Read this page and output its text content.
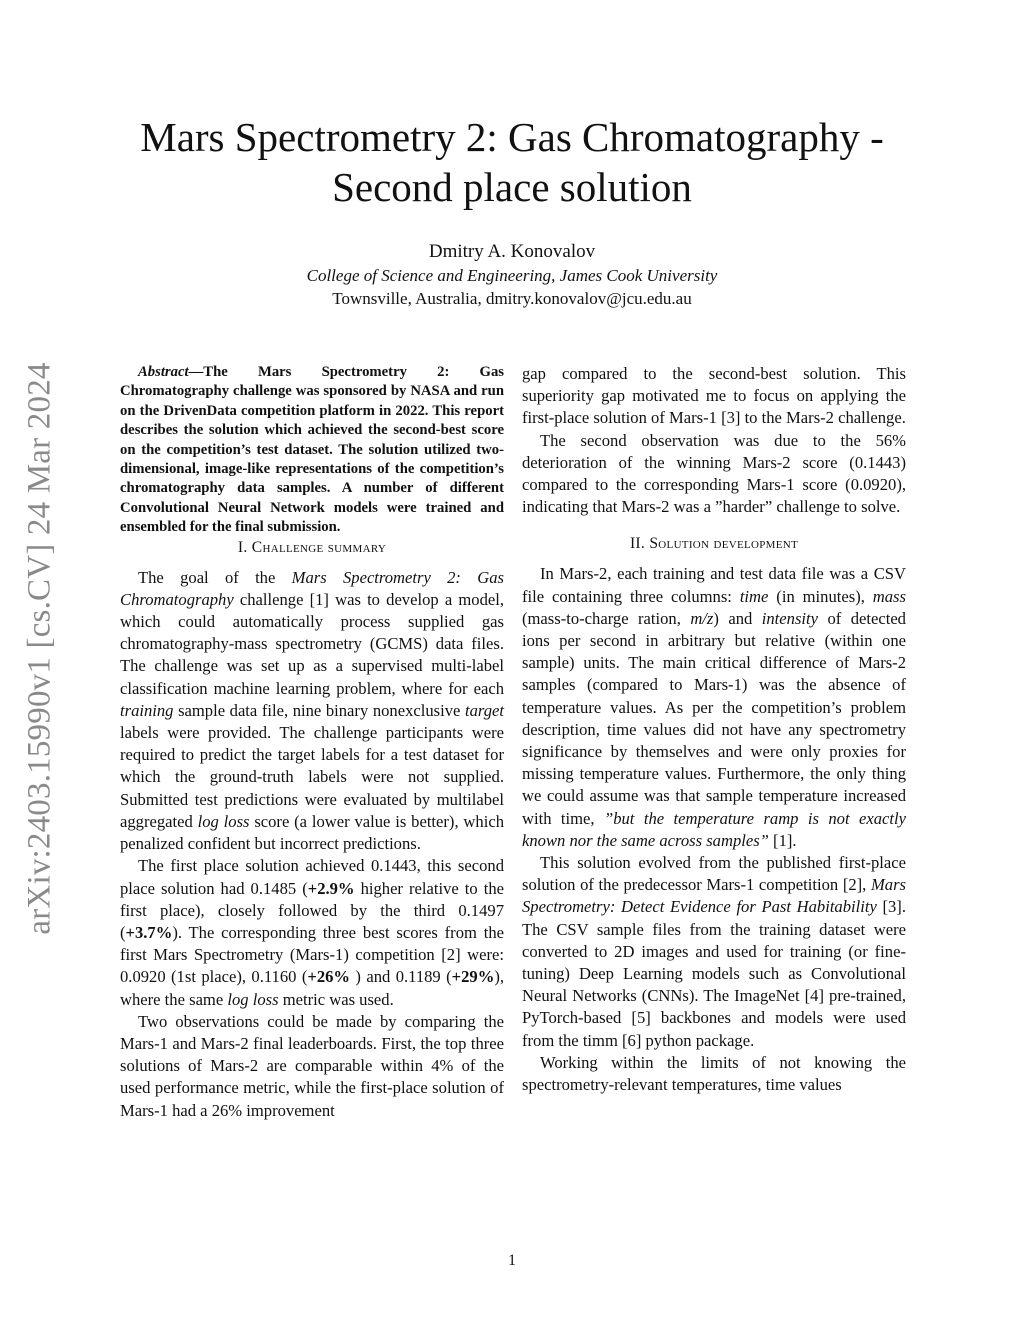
arXiv:2403.15990v1 [cs.CV] 24 Mar 2024
Mars Spectrometry 2: Gas Chromatography -
Second place solution
Dmitry A. Konovalov
College of Science and Engineering, James Cook University
Townsville, Australia, dmitry.konovalov@jcu.edu.au

Abstract—The Mars Spectrometry 2: Gas Chromatography challenge was sponsored by NASA and run on the DrivenData competition platform in 2022. This report describes the solution which achieved the second-best score on the competition’s test dataset. The solution utilized two-dimensional, image-like representations of the competition’s chromatography data samples. A number of different Convolutional Neural Network models were trained and ensembled for the final submission.

I. Challenge summary

The goal of the Mars Spectrometry 2: Gas Chromatography challenge [1] was to develop a model, which could automatically process supplied gas chromatography-mass spectrometry (GCMS) data files. The challenge was set up as a supervised multi-label classification machine learning problem, where for each training sample data file, nine binary nonexclusive target labels were provided. The challenge participants were required to predict the target labels for a test dataset for which the ground-truth labels were not supplied. Submitted test predictions were evaluated by multilabel aggregated log loss score (a lower value is better), which penalized confident but incorrect predictions.

The first place solution achieved 0.1443, this second place solution had 0.1485 (+2.9% higher relative to the first place), closely followed by the third 0.1497 (+3.7%). The corresponding three best scores from the first Mars Spectrometry (Mars-1) competition [2] were: 0.0920 (1st place), 0.1160 (+26% ) and 0.1189 (+29%), where the same log loss metric was used.

Two observations could be made by comparing the Mars-1 and Mars-2 final leaderboards. First, the top three solutions of Mars-2 are comparable within 4% of the used performance metric, while the first-place solution of Mars-1 had a 26% improvement

gap compared to the second-best solution. This superiority gap motivated me to focus on applying the first-place solution of Mars-1 [3] to the Mars-2 challenge.

The second observation was due to the 56% deterioration of the winning Mars-2 score (0.1443) compared to the corresponding Mars-1 score (0.0920), indicating that Mars-2 was a ”harder” challenge to solve.

II. Solution development

In Mars-2, each training and test data file was a CSV file containing three columns: time (in minutes), mass (mass-to-charge ration, m/z) and intensity of detected ions per second in arbitrary but relative (within one sample) units. The main critical difference of Mars-2 samples (compared to Mars-1) was the absence of temperature values. As per the competition’s problem description, time values did not have any spectrometry significance by themselves and were only proxies for missing temperature values. Furthermore, the only thing we could assume was that sample temperature increased with time, ”but the temperature ramp is not exactly known nor the same across samples” [1].

This solution evolved from the published first-place solution of the predecessor Mars-1 competition [2], Mars Spectrometry: Detect Evidence for Past Habitability [3]. The CSV sample files from the training dataset were converted to 2D images and used for training (or fine-tuning) Deep Learning models such as Convolutional Neural Networks (CNNs). The ImageNet [4] pre-trained, PyTorch-based [5] backbones and models were used from the timm [6] python package.

Working within the limits of not knowing the spectrometry-relevant temperatures, time values

1
